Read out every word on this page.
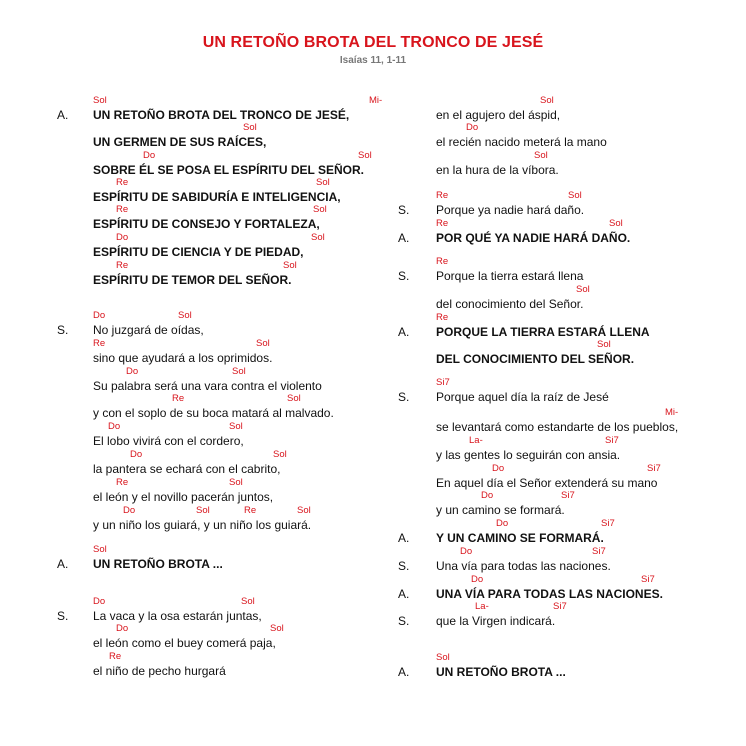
UN RETOÑO BROTA DEL TRONCO DE JESÉ
Isaías 11, 1-11
A. UN RETOÑO BROTA DEL TRONCO DE JESÉ,
Sol	Mi-
UN GERMEN DE SUS RAÍCES,
Sol
SOBRE ÉL SE POSA EL ESPÍRITU DEL SEÑOR.
Do	Sol
ESPÍRITU DE SABIDURÍA E INTELIGENCIA,
Re	Sol
ESPÍRITU DE CONSEJO Y FORTALEZA,
Re	Sol
ESPÍRITU DE CIENCIA Y DE PIEDAD,
Do	Sol
ESPÍRITU DE TEMOR DEL SEÑOR.
Re	Sol
S. No juzgará de oídas,
Do	Sol
sino que ayudará a los oprimidos.
Re	Sol
Su palabra será una vara contra el violento
Do	Sol
y con el soplo de su boca matará al malvado.
Re	Sol
El lobo vivirá con el cordero,
Do	Sol
la pantera se echará con el cabrito,
Do	Sol
el león y el novillo pacerán juntos,
Re	Sol
y un niño los guiará, y un niño los guiará.
Do	Sol	Re	Sol
A. UN RETOÑO BROTA ...
Sol
S. La vaca y la osa estarán juntas,
Do	Sol
el león como el buey comerá paja,
Do	Sol
el niño de pecho hurgará
Re
en el agujero del áspid,
Sol
el recién nacido meterá la mano
Do
en la hura de la víbora.
Sol
S. Porque ya nadie hará daño.
Re	Sol
A. POR QUÉ YA NADIE HARÁ DAÑO.
Re	Sol
S. Porque la tierra estará llena
Re
del conocimiento del Señor.
Sol
A. PORQUE LA TIERRA ESTARÁ LLENA
Re
DEL CONOCIMIENTO DEL SEÑOR.
Sol
S. Porque aquel día la raíz de Jesé
Si7
se levantará como estandarte de los pueblos,
Mi-
y las gentes lo seguirán con ansia.
La-	Si7
En aquel día el Señor extenderá su mano
Do	Si7
y un camino se formará.
Do	Si7
A. Y UN CAMINO SE FORMARÁ.
Do	Si7
S. Una vía para todas las naciones.
Do	Si7
A. UNA VÍA PARA TODAS LAS NACIONES.
Do	Si7
S. que la Virgen indicará.
La-	Si7
A. UN RETOÑO BROTA ...
Sol
